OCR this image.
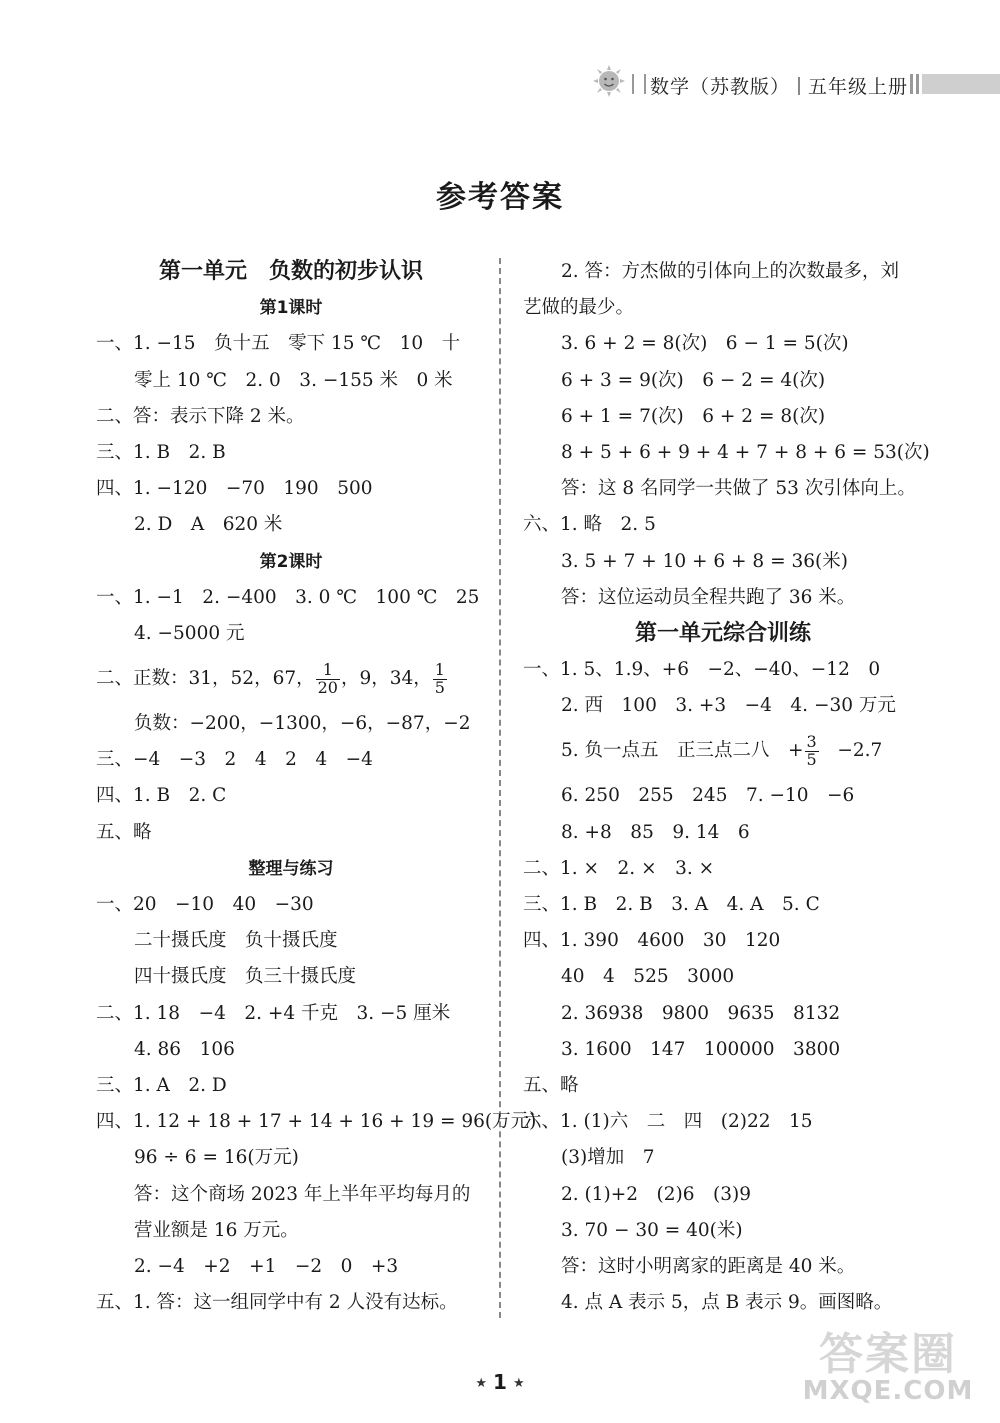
数学（苏教版） 五年级上册
参考答案
第一单元　负数的初步认识
第1课时
一、1. −15　负十五　零下 15 ℃　10　十
零上 10 ℃　2. 0　3. −155 米　0 米
二、答：表示下降 2 米。
三、1. B　2. B
四、1. −120　−70　190　500
2. D　A　620 米
第2课时
一、1. −1　2. −400　3. 0 ℃　100 ℃　25
4. −5000 元
二、正数：31，52，67， $\frac{1}{20}$ ，9，34， $\frac{1}{5}$
负数：−200，−1300，−6，−87，−2
三、−4　−3　2　4　2　4　−4
四、1. B　2. C
五、略
整理与练习
一、20　−10　40　−30
二十摄氏度　负十摄氏度
四十摄氏度　负三十摄氏度
二、1. 18　−4　2. +4 千克　3. −5 厘米
4. 86　106
三、1. A　2. D
四、1. 12 + 18 + 17 + 14 + 16 + 19 = 96(万元)
96 ÷ 6 = 16(万元)
答：这个商场 2023 年上半年平均每月的
营业额是 16 万元。
2. −4　+2　+1　−2　0　+3
五、1. 答：这一组同学中有 2 人没有达标。
2. 答：方杰做的引体向上的次数最多，刘
艺做的最少。
3. 6 + 2 = 8(次)　6 − 1 = 5(次)
6 + 3 = 9(次)　6 − 2 = 4(次)
6 + 1 = 7(次)　6 + 2 = 8(次)
8 + 5 + 6 + 9 + 4 + 7 + 8 + 6 = 53(次)
答：这 8 名同学一共做了 53 次引体向上。
六、1. 略　2. 5
3. 5 + 7 + 10 + 6 + 8 = 36(米)
答：这位运动员全程共跑了 36 米。
第一单元综合训练
一、1. 5、1.9、+6　−2、−40、−12　0
2. 西　100　3. +3　−4　4. −30 万元
5. 负一点五　正三点二八　+ $\frac{3}{5} -2.7$
6. 250　255　245　7. −10　−6
8. +8　85　9. 14　6
二、1. ×　2. ×　3. ×
三、1. B　2. B　3. A　4. A　5. C
四、1. 390　4600　30　120
40　4　525　3000
2. 36938　9800　9635　8132
3. 1600　147　100000　3800
五、略
六、1. (1)六　二　四　(2)22　15
(3)增加　7
2. (1)+2　(2)6　(3)9
3. 70 − 30 = 40(米)
答：这时小明离家的距离是 40 米。
4. 点 A 表示 5，点 B 表示 9。画图略。
★ 1 ★
答案圈
MXQE.COM
